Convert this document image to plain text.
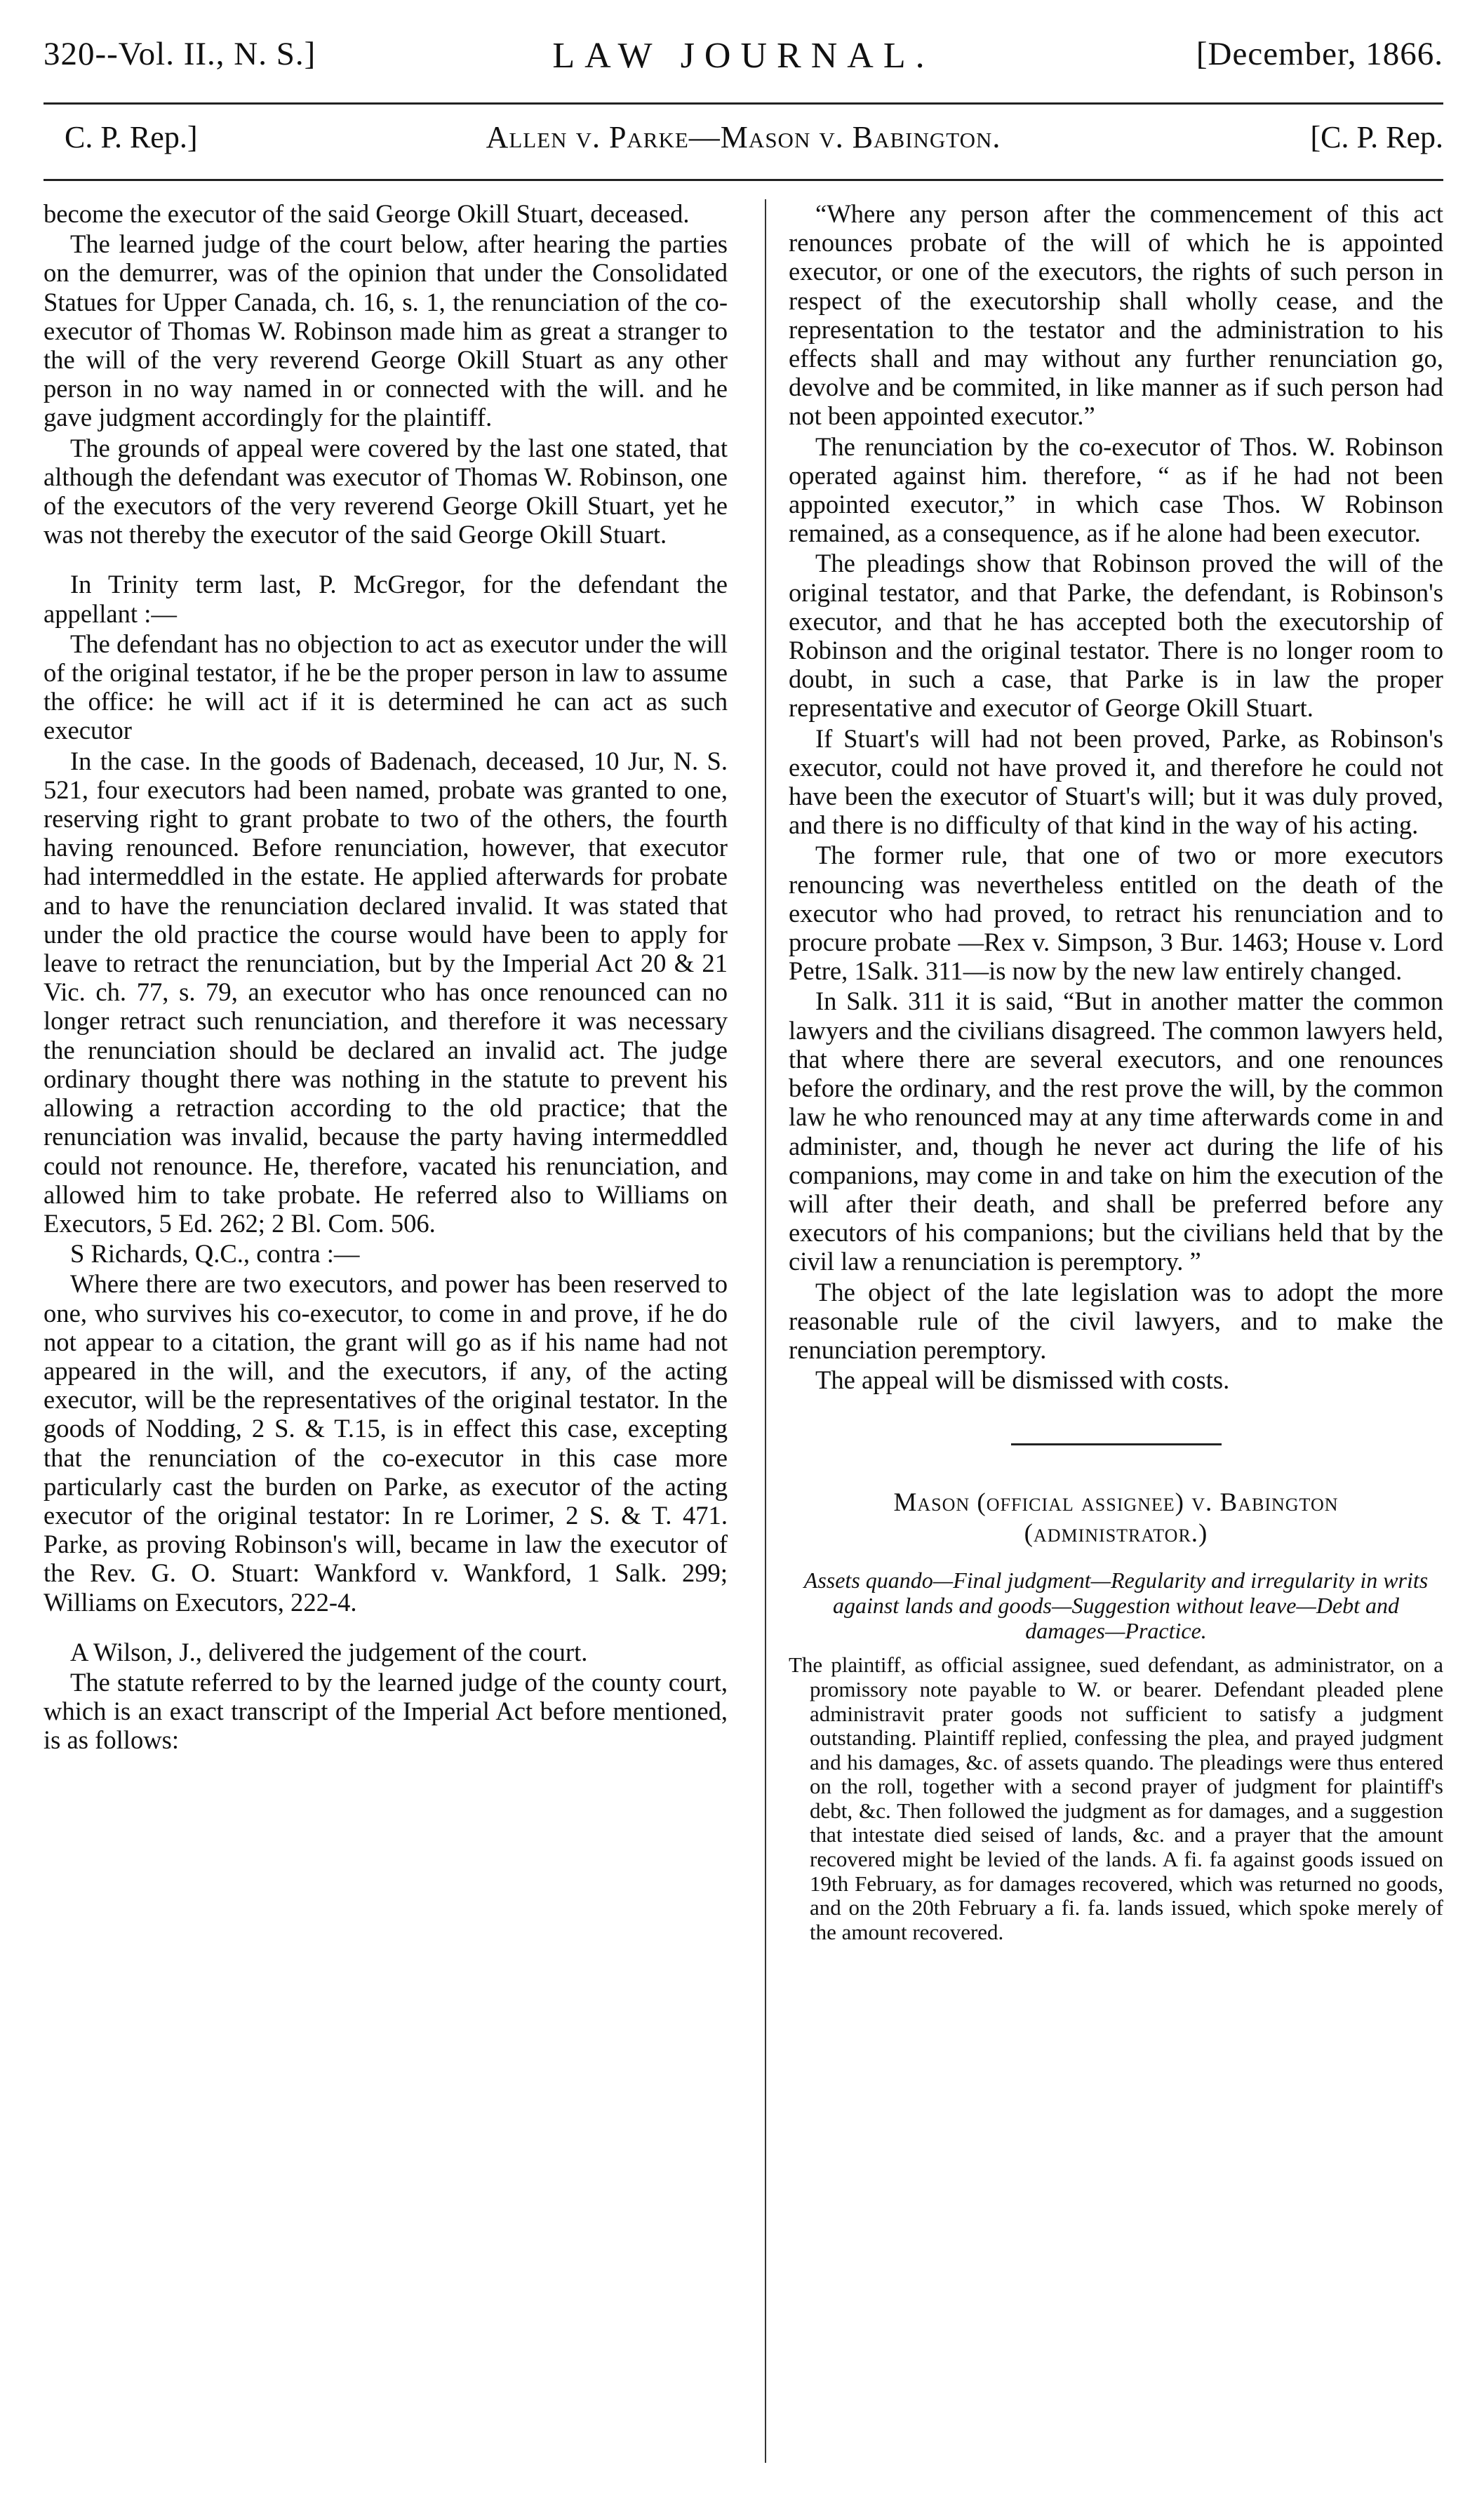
320--Vol. II., N. S.]	LAW JOURNAL.	[December, 1866.
C. P. Rep.]	Allen v. Parke—Mason v. Babington.	[C. P. Rep.

become the executor of the said George Okill Stuart, deceased.

The learned judge of the court below, after hearing the parties on the demurrer, was of the opinion that under the Consolidated Statues for Upper Canada, ch. 16, s. 1, the renunciation of the co-executor of Thomas W. Robinson made him as great a stranger to the will of the very reverend George Okill Stuart as any other person in no way named in or connected with the will. and he gave judgment accordingly for the plaintiff.

The grounds of appeal were covered by the last one stated, that although the defendant was executor of Thomas W. Robinson, one of the executors of the very reverend George Okill Stuart, yet he was not thereby the executor of the said George Okill Stuart.

In Trinity term last, P. McGregor, for the defendant the appellant :—

The defendant has no objection to act as executor under the will of the original testator, if he be the proper person in law to assume the office: he will act if it is determined he can act as such executor

In the case. In the goods of Badenach, deceased, 10 Jur, N. S. 521, four executors had been named, probate was granted to one, reserving right to grant probate to two of the others, the fourth having renounced. Before renunciation, however, that executor had intermeddled in the estate. He applied afterwards for probate and to have the renunciation declared invalid. It was stated that under the old practice the course would have been to apply for leave to retract the renunciation, but by the Imperial Act 20 & 21 Vic. ch. 77, s. 79, an executor who has once renounced can no longer retract such renunciation, and therefore it was necessary the renunciation should be declared an invalid act. The judge ordinary thought there was nothing in the statute to prevent his allowing a retraction according to the old practice; that the renunciation was invalid, because the party having intermeddled could not renounce. He, therefore, vacated his renunciation, and allowed him to take probate. He referred also to Williams on Executors, 5 Ed. 262; 2 Bl. Com. 506.

S Richards, Q.C., contra :—

Where there are two executors, and power has been reserved to one, who survives his co-executor, to come in and prove, if he do not appear to a citation, the grant will go as if his name had not appeared in the will, and the executors, if any, of the acting executor, will be the representatives of the original testator. In the goods of Nodding, 2 S. & T.15, is in effect this case, excepting that the renunciation of the co-executor in this case more particularly cast the burden on Parke, as executor of the acting executor of the original testator: In re Lorimer, 2 S. & T. 471. Parke, as proving Robinson's will, became in law the executor of the Rev. G. O. Stuart: Wankford v. Wankford, 1 Salk. 299; Williams on Executors, 222-4.

A Wilson, J., delivered the judgement of the court.

The statute referred to by the learned judge of the county court, which is an exact transcript of the Imperial Act before mentioned, is as follows:

“Where any person after the commencement of this act renounces probate of the will of which he is appointed executor, or one of the executors, the rights of such person in respect of the executorship shall wholly cease, and the representation to the testator and the administration to his effects shall and may without any further renunciation go, devolve and be commited, in like manner as if such person had not been appointed executor.”

The renunciation by the co-executor of Thos. W. Robinson operated against him. therefore, “ as if he had not been appointed executor,” in which case Thos. W Robinson remained, as a consequence, as if he alone had been executor.

The pleadings show that Robinson proved the will of the original testator, and that Parke, the defendant, is Robinson's executor, and that he has accepted both the executorship of Robinson and the original testator. There is no longer room to doubt, in such a case, that Parke is in law the proper representative and executor of George Okill Stuart.

If Stuart's will had not been proved, Parke, as Robinson's executor, could not have proved it, and therefore he could not have been the executor of Stuart's will; but it was duly proved, and there is no difficulty of that kind in the way of his acting.

The former rule, that one of two or more executors renouncing was nevertheless entitled on the death of the executor who had proved, to retract his renunciation and to procure probate —Rex v. Simpson, 3 Bur. 1463; House v. Lord Petre, 1Salk. 311—is now by the new law entirely changed.

In Salk. 311 it is said, “But in another matter the common lawyers and the civilians disagreed. The common lawyers held, that where there are several executors, and one renounces before the ordinary, and the rest prove the will, by the common law he who renounced may at any time afterwards come in and administer, and, though he never act during the life of his companions, may come in and take on him the execution of the will after their death, and shall be preferred before any executors of his companions; but the civilians held that by the civil law a renunciation is peremptory. ”

The object of the late legislation was to adopt the more reasonable rule of the civil lawyers, and to make the renunciation peremptory.

The appeal will be dismissed with costs.

Mason (official assignee) v. Babington
(administrator.)

Assets quando—Final judgment—Regularity and irregularity in writs against lands and goods—Suggestion without leave—Debt and damages—Practice.

The plaintiff, as official assignee, sued defendant, as administrator, on a promissory note payable to W. or bearer. Defendant pleaded plene administravit prater goods not sufficient to satisfy a judgment outstanding. Plaintiff replied, confessing the plea, and prayed judgment and his damages, &c. of assets quando. The pleadings were thus entered on the roll, together with a second prayer of judgment for plaintiff's debt, &c. Then followed the judgment as for damages, and a suggestion that intestate died seised of lands, &c. and a prayer that the amount recovered might be levied of the lands. A fi. fa against goods issued on 19th February, as for damages recovered, which was returned no goods, and on the 20th February a fi. fa. lands issued, which spoke merely of the amount recovered.
